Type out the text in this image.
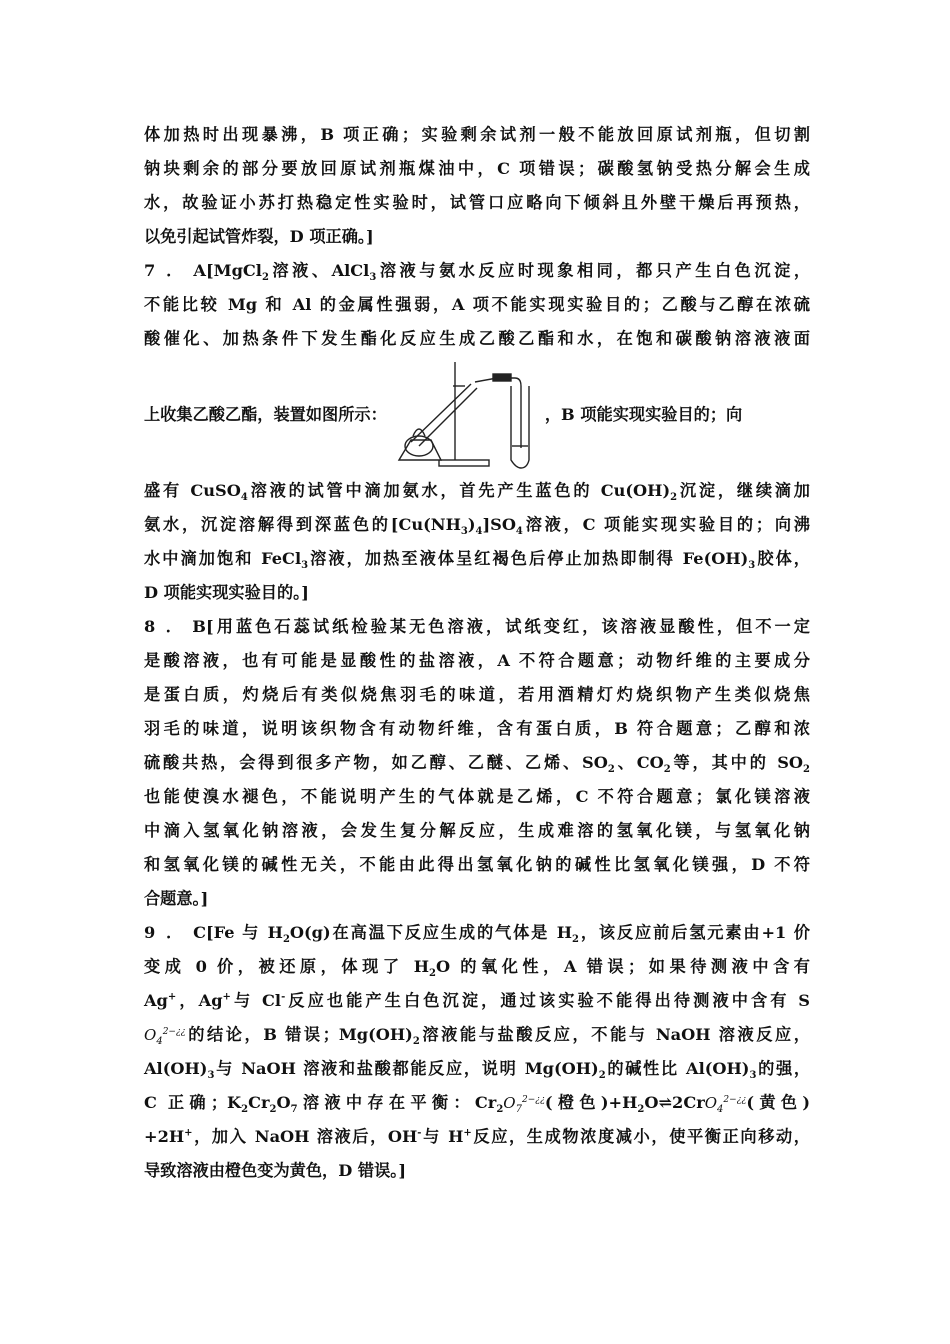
体加热时出现暴沸，B 项正确；实验剩余试剂一般不能放回原试剂瓶，但切割
钠块剩余的部分要放回原试剂瓶煤油中，C 项错误；碳酸氢钠受热分解会生成
水，故验证小苏打热稳定性实验时，试管口应略向下倾斜且外壁干燥后再预热，
以免引起试管炸裂，D 项正确。]
7．A[MgCl$_2$溶液、AlCl$_3$溶液与氨水反应时现象相同，都只产生白色沉淀，
不能比较 Mg 和 Al 的金属性强弱，A 项不能实现实验目的；乙酸与乙醇在浓硫
酸催化、加热条件下发生酯化反应生成乙酸乙酯和水，在饱和碳酸钠溶液液面
上收集乙酸乙酯，装置如图所示：	，B 项能实现实验目的；向
盛有 CuSO$_4$溶液的试管中滴加氨水，首先产生蓝色的 $Cu(OH)_2$沉淀，继续滴加
氨水，沉淀溶解得到深蓝色的$[Cu(NH_3)_4]SO_4$溶液，C 项能实现实验目的；向沸
水中滴加饱和 FeCl$_3$溶液，加热至液体呈红褐色后停止加热即制得 $Fe(OH)_3$胶体，
D 项能实现实验目的。]
8．B[用蓝色石蕊试纸检验某无色溶液，试纸变红，该溶液显酸性，但不一定
是酸溶液，也有可能是显酸性的盐溶液，A 不符合题意；动物纤维的主要成分
是蛋白质，灼烧后有类似烧焦羽毛的味道，若用酒精灯灼烧织物产生类似烧焦
羽毛的味道，说明该织物含有动物纤维，含有蛋白质，B 符合题意；乙醇和浓
硫酸共热，会得到很多产物，如乙醇、乙醚、乙烯、$SO_2$、$CO_2$等，其中的 $SO_2$
也能使溴水褪色，不能说明产生的气体就是乙烯，C 不符合题意；氯化镁溶液
中滴入氢氧化钠溶液，会发生复分解反应，生成难溶的氢氧化镁，与氢氧化钠
和氢氧化镁的碱性无关，不能由此得出氢氧化钠的碱性比氢氧化镁强，D 不符
合题意。]
9．C[Fe 与 $H_2O(g)$在高温下反应生成的气体是 $H_2$，该反应前后氢元素由+1 价
变成 0 价，被还原，体现了 $H_2O$ 的氧化性，A 错误；如果待测液中含有
Ag+，Ag+与 Cl-反应也能产生白色沉淀，通过该实验不能得出待测液中含有 S
$O_4^{2-¿¿}$的结论，B 错误；$Mg(OH)_2$溶液能与盐酸反应，不能与 NaOH 溶液反应，
$Al(OH)_3$与 NaOH 溶液和盐酸都能反应，说明 $Mg(OH)_2$的碱性比 $Al(OH)_3$的强，
C 正确；$K_2Cr_2O_7$溶液中存在平衡：$Cr_2O_7^{2-¿¿}$(橙色)$+H_2O\rightleftharpoons 2CrO_4^{2-¿¿}$(黄色)
+2H+，加入 NaOH 溶液后，OH-与 H+反应，生成物浓度减小，使平衡正向移动，
导致溶液由橙色变为黄色，D 错误。]
